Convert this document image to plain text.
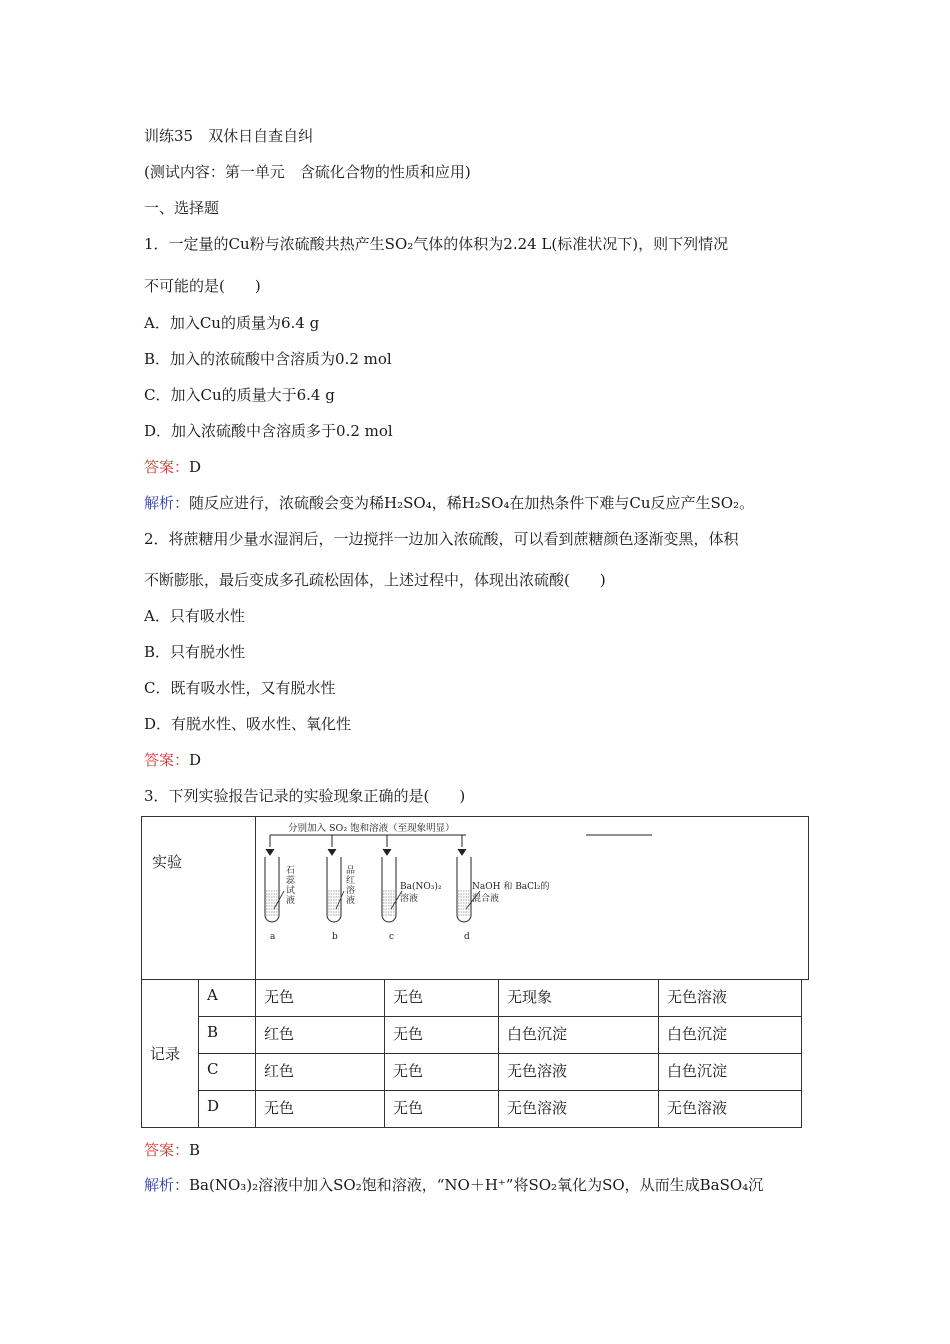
训练35　双休日自查自纠
(测试内容：第一单元　含硫化合物的性质和应用)
一、选择题
1．一定量的Cu粉与浓硫酸共热产生SO₂气体的体积为2.24 L(标准状况下)，则下列情况
不可能的是(　　)
A．加入Cu的质量为6.4 g
B．加入的浓硫酸中含溶质为0.2 mol
C．加入Cu的质量大于6.4 g
D．加入浓硫酸中含溶质多于0.2 mol
答案：D
解析：随反应进行，浓硫酸会变为稀H₂SO₄，稀H₂SO₄在加热条件下难与Cu反应产生SO₂。
2．将蔗糖用少量水湿润后，一边搅拌一边加入浓硫酸，可以看到蔗糖颜色逐渐变黑，体积
不断膨胀，最后变成多孔疏松固体，上述过程中，体现出浓硫酸(　　)
A．只有吸水性
B．只有脱水性
C．既有吸水性，又有脱水性
D．有脱水性、吸水性、氧化性
答案：D
3．下列实验报告记录的实验现象正确的是(　　)
实验
分别加入 SO₂ 饱和溶液（至现象明显）
石蕊试液
a
品红溶液
b
Ba(NO₃)₂ 溶液
c
NaOH 和 BaCl₂的混合液
d
记录	A	无色	无色	无现象	无色溶液
	B	红色	无色	白色沉淀	白色沉淀
	C	红色	无色	无色溶液	白色沉淀
	D	无色	无色	无色溶液	无色溶液
答案：B
解析：Ba(NO₃)₂溶液中加入SO₂饱和溶液，“NO＋H⁺”将SO₂氧化为SO，从而生成BaSO₄沉
